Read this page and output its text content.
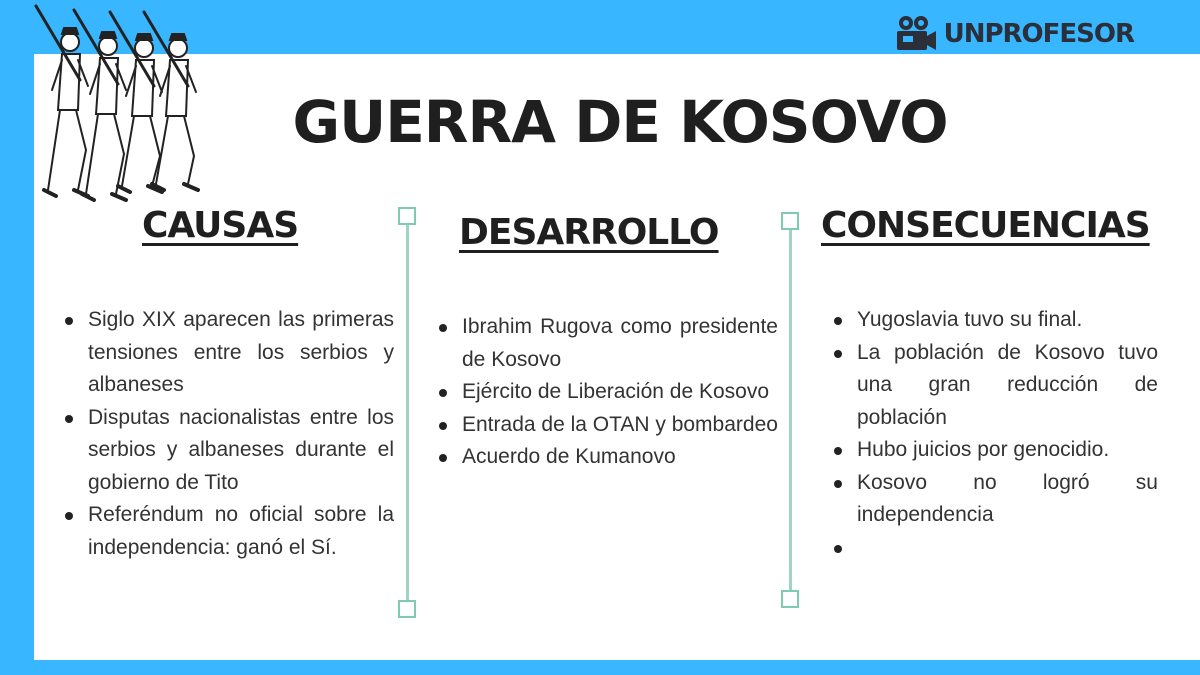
UNPROFESOR
GUERRA DE KOSOVO
CAUSAS	DESARROLLO	CONSECUENCIAS
Siglo XIX aparecen las primeras tensiones entre los serbios y albaneses
Disputas nacionalistas entre los serbios y albaneses durante el gobierno de Tito
Referéndum no oficial sobre la independencia: ganó el Sí.
Ibrahim Rugova como presidente de Kosovo
Ejército de Liberación de Kosovo
Entrada de la OTAN y bombardeo
Acuerdo de Kumanovo
Yugoslavia tuvo su final.
La población de Kosovo tuvo una gran reducción de población
Hubo juicios por genocidio.
Kosovo no logró su independencia
